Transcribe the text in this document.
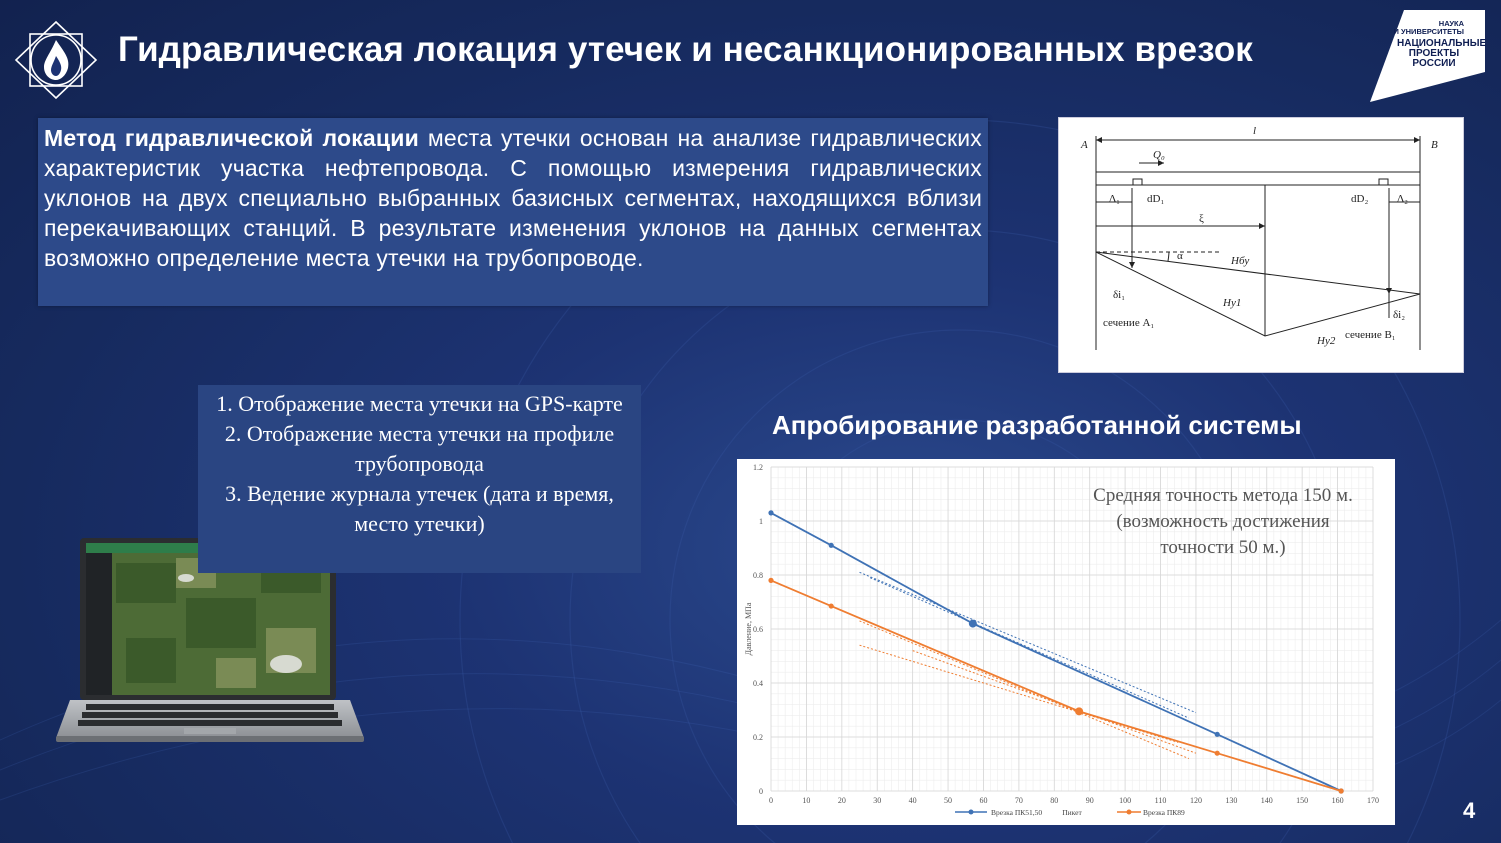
Гидравлическая локация утечек и несанкционированных врезок
НАУКА
И УНИВЕРСИТЕТЫ
НАЦИОНАЛЬНЫЕ
ПРОЕКТЫ
РОССИИ
Метод гидравлической локации места утечки основан на анализе гидравлических характеристик участка нефтепровода. С помощью измерения гидравлических уклонов на двух специально выбранных базисных сегментах, находящихся вблизи перекачивающих станций. В результате изменения уклонов на данных сегментах возможно определение места утечки на трубопроводе.
A	B
l
Q₀
Δ₁	Δ₂
dD₁	dD₂
ξ
α	Hбу
Hу1
Hу2
δi₁
δi₂
сечение A₁
сечение B₁
1. Отображение места утечки на GPS-карте
2. Отображение места утечки на профиле трубопровода
3. Ведение журнала утечек (дата и время, место утечки)
Апробирование разработанной системы
0	10	20	30	40	50	60	70	80	90	100	110	120	130	140	150	160	170
0
0.2
0.4
0.6
0.8
1
1.2
Давление, МПа
Средняя точность метода 150 м.
(возможность достижения
точности 50 м.)
Врезка ПК51,50	Пикет	Врезка ПК89	4
